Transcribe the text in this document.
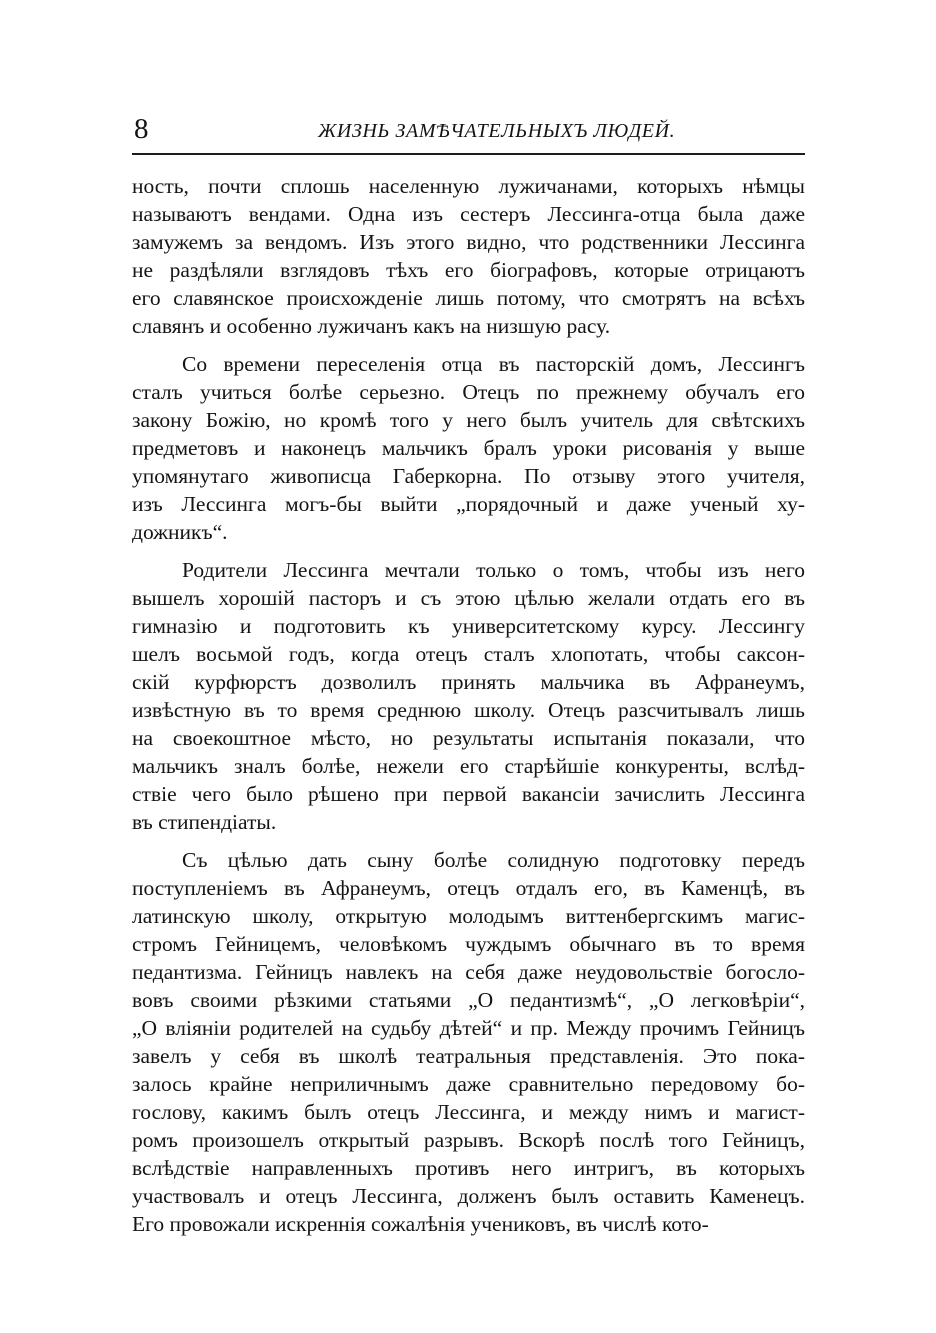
8	ЖИЗНЬ ЗАМѢЧАТЕЛЬНЫХЪ ЛЮДЕЙ.
ность, почти сплошь населенную лужичанами, которыхъ нѣмцы
называютъ вендами. Одна изъ сестеръ Лессинга-отца была даже
замужемъ за вендомъ. Изъ этого видно, что родственники Лессинга
не раздѣляли взглядовъ тѣхъ его біографовъ, которые отрицаютъ
его славянское происхожденіе лишь потому, что смотрятъ на всѣхъ
славянъ и особенно лужичанъ какъ на низшую расу.
Со времени переселенія отца въ пасторскій домъ, Лессингъ
сталъ учиться болѣе серьезно. Отецъ по прежнему обучалъ его
закону Божію, но кромѣ того у него былъ учитель для свѣтскихъ
предметовъ и наконецъ мальчикъ бралъ уроки рисованія у выше
упомянутаго живописца Габеркорна. По отзыву этого учителя,
изъ Лессинга могъ-бы выйти „порядочный и даже ученый ху-
дожникъ“.
Родители Лессинга мечтали только о томъ, чтобы изъ него
вышелъ хорошій пасторъ и съ этою цѣлью желали отдать его въ
гимназію и подготовить къ университетскому курсу. Лессингу
шелъ восьмой годъ, когда отецъ сталъ хлопотать, чтобы саксон-
скій курфюрстъ дозволилъ принять мальчика въ Афранеумъ,
извѣстную въ то время среднюю школу. Отецъ разсчитывалъ лишь
на своекоштное мѣсто, но результаты испытанія показали, что
мальчикъ зналъ болѣе, нежели его старѣйшіе конкуренты, вслѣд-
ствіе чего было рѣшено при первой вакансіи зачислить Лессинга
въ стипендіаты.
Съ цѣлью дать сыну болѣе солидную подготовку передъ
поступленіемъ въ Афранеумъ, отецъ отдалъ его, въ Каменцѣ, въ
латинскую школу, открытую молодымъ виттенбергскимъ магис-
стромъ Гейницемъ, человѣкомъ чуждымъ обычнаго въ то время
педантизма. Гейницъ навлекъ на себя даже неудовольствіе богосло-
вовъ своими рѣзкими статьями „О педантизмѣ“, „О легковѣріи“,
„О вліяніи родителей на судьбу дѣтей“ и пр. Между прочимъ Гейницъ
завелъ у себя въ школѣ театральныя представленія. Это пока-
залось крайне неприличнымъ даже сравнительно передовому бо-
гослову, какимъ былъ отецъ Лессинга, и между нимъ и магист-
ромъ произошелъ открытый разрывъ. Вскорѣ послѣ того Гейницъ,
вслѣдствіе направленныхъ противъ него интригъ, въ которыхъ
участвовалъ и отецъ Лессинга, долженъ былъ оставить Каменецъ.
Его провожали искреннія сожалѣнія учениковъ, въ числѣ кото-
